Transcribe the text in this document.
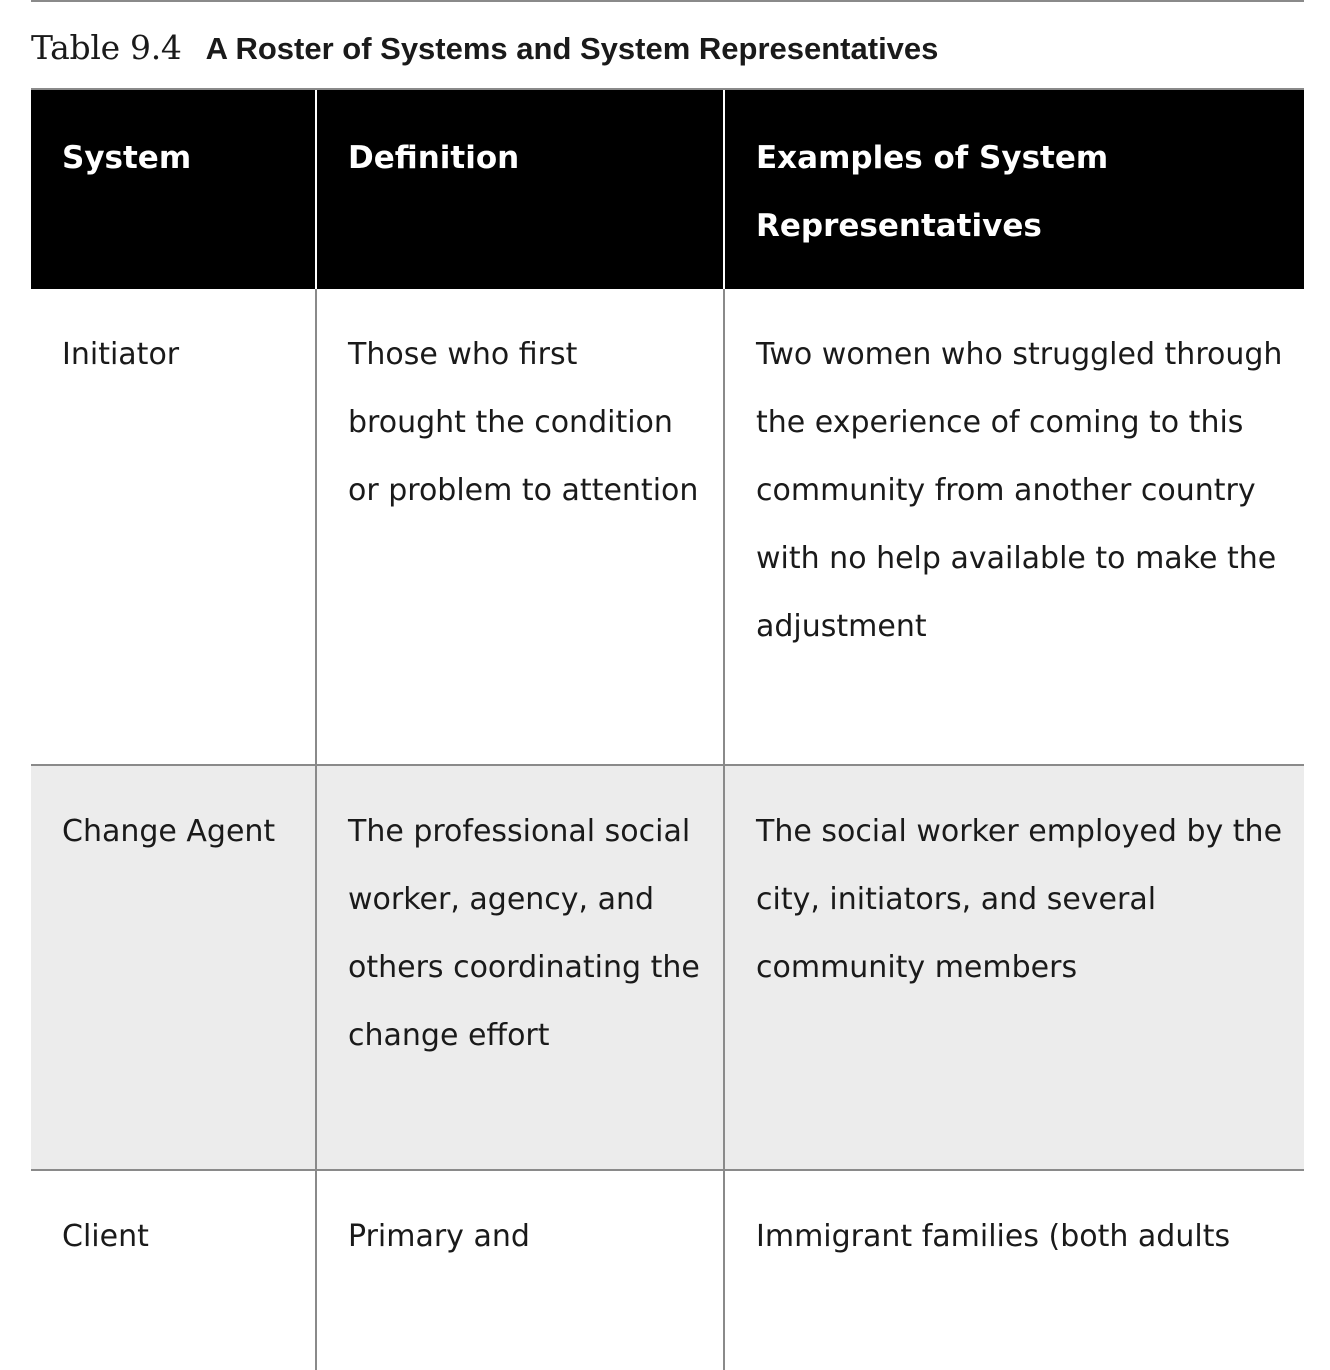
Table 9.4 A Roster of Systems and System Representatives
System	Definition	Examples of System Representatives
Initiator	Those who first brought the condition or problem to attention	Two women who struggled through the experience of coming to this community from another country with no help available to make the adjustment
Change Agent	The professional social worker, agency, and others coordinating the change effort	The social worker employed by the city, initiators, and several community members
Client	Primary and	Immigrant families (both adults
